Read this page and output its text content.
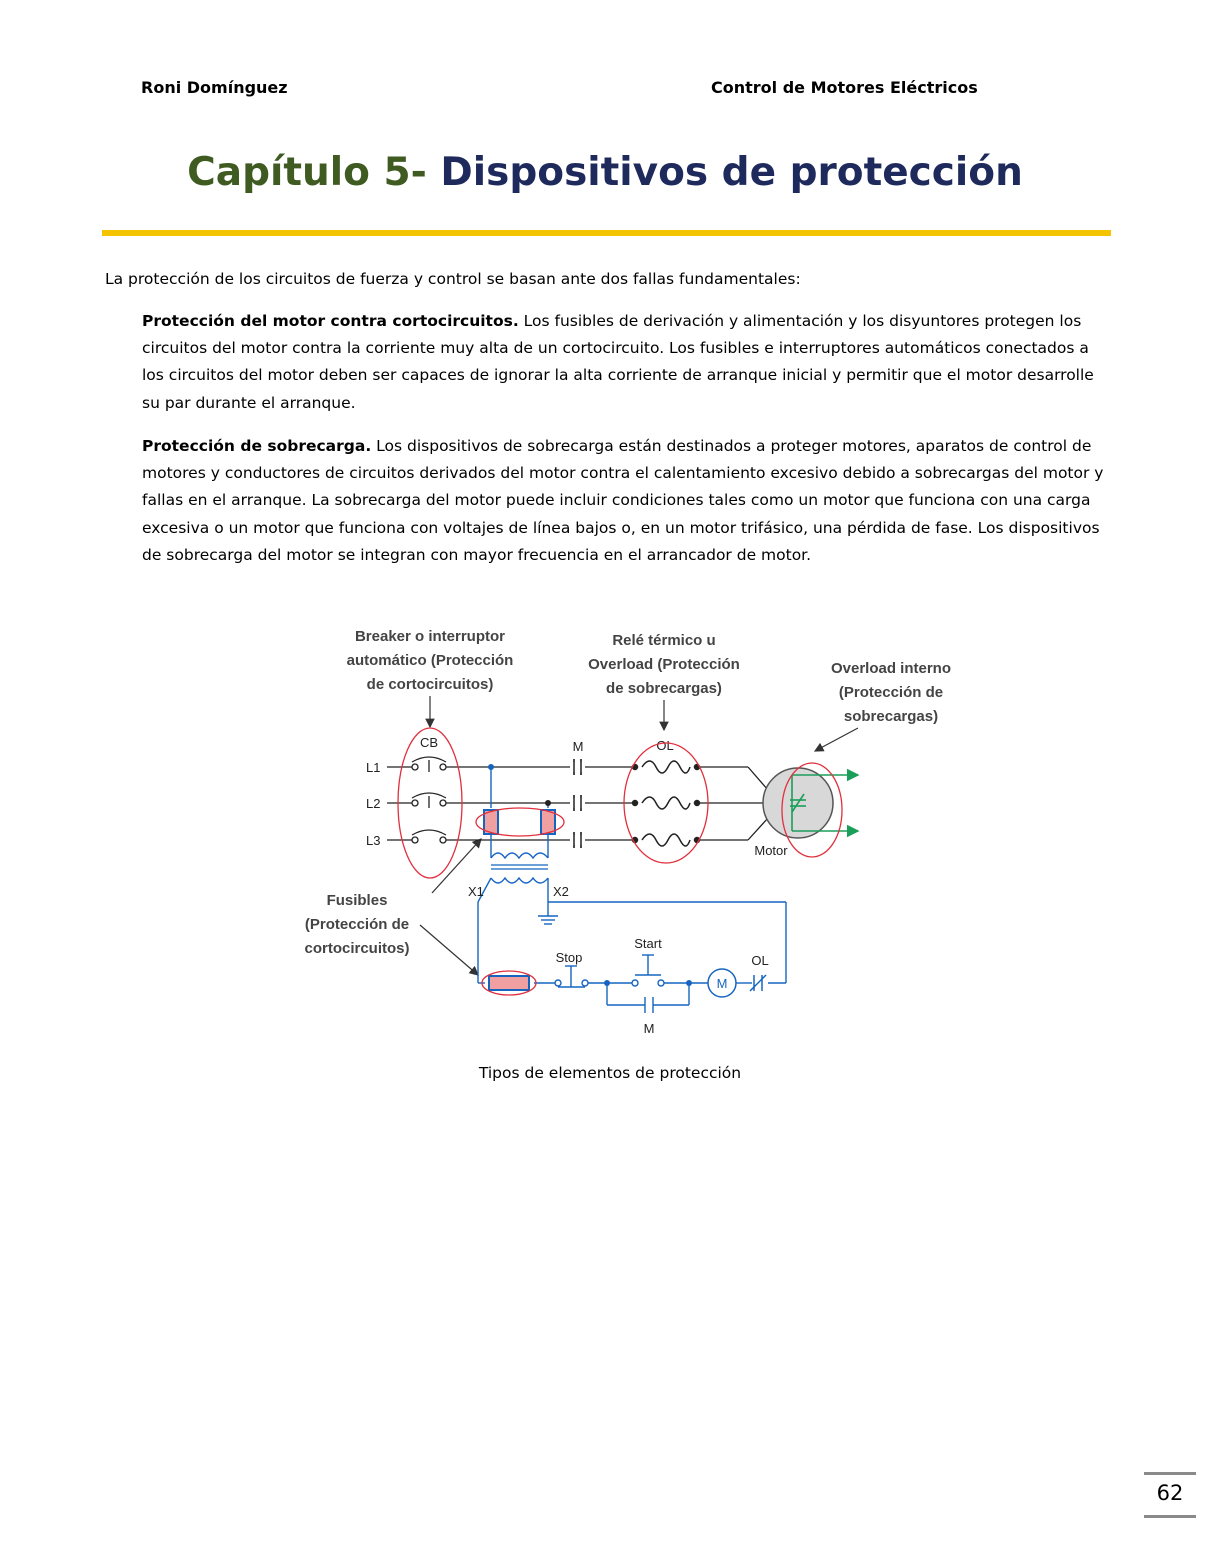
Roni Domínguez	Control de Motores Eléctricos
Capítulo 5- Dispositivos de protección
La protección de los circuitos de fuerza y control se basan ante dos fallas fundamentales:
Protección del motor contra cortocircuitos. Los fusibles de derivación y alimentación y los disyuntores protegen los circuitos del motor contra la corriente muy alta de un cortocircuito. Los fusibles e interruptores automáticos conectados a los circuitos del motor deben ser capaces de ignorar la alta corriente de arranque inicial y permitir que el motor desarrolle su par durante el arranque.
Protección de sobrecarga. Los dispositivos de sobrecarga están destinados a proteger motores, aparatos de control de motores y conductores de circuitos derivados del motor contra el calentamiento excesivo debido a sobrecargas del motor y fallas en el arranque. La sobrecarga del motor puede incluir condiciones tales como un motor que funciona con una carga excesiva o un motor que funciona con voltajes de línea bajos o, en un motor trifásico, una pérdida de fase. Los dispositivos de sobrecarga del motor se integran con mayor frecuencia en el arrancador de motor.
Breaker o interruptor
automático (Protección
de cortocircuitos)
Relé térmico u
Overload (Protección
de sobrecargas)
Overload interno
(Protección de
sobrecargas)
Fusibles
(Protección de
cortocircuitos)
CB
L1
L2
L3
M	OL
Motor
X1	X2
Stop
Start
M
OL
M
Tipos de elementos de protección
62
